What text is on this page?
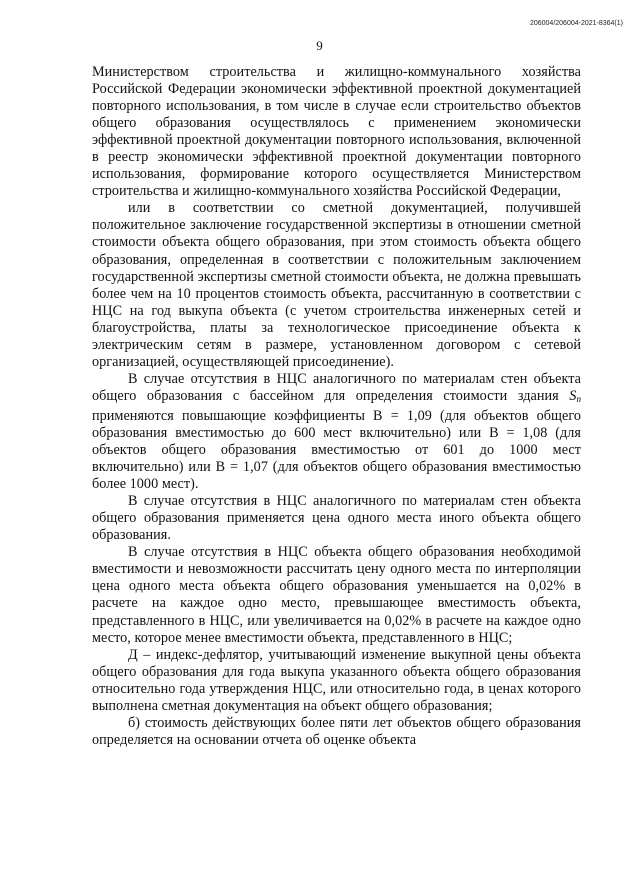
206004/206004-2021-8364(1)
9

Министерством строительства и жилищно-коммунального хозяйства Российской Федерации экономически эффективной проектной документацией повторного использования, в том числе в случае если строительство объектов общего образования осуществлялось с применением экономически эффективной проектной документации повторного использования, включенной в реестр экономически эффективной проектной документации повторного использования, формирование которого осуществляется Министерством строительства и жилищно-коммунального хозяйства Российской Федерации,

или в соответствии со сметной документацией, получившей положительное заключение государственной экспертизы в отношении сметной стоимости объекта общего образования, при этом стоимость объекта общего образования, определенная в соответствии с положительным заключением государственной экспертизы сметной стоимости объекта, не должна превышать более чем на 10 процентов стоимость объекта, рассчитанную в соответствии с НЦС на год выкупа объекта (с учетом строительства инженерных сетей и благоустройства, платы за технологическое присоединение объекта к электрическим сетям в размере, установленном договором с сетевой организацией, осуществляющей присоединение).

В случае отсутствия в НЦС аналогичного по материалам стен объекта общего образования с бассейном для определения стоимости здания $S_n$ применяются повышающие коэффициенты В = 1,09 (для объектов общего образования вместимостью до 600 мест включительно) или В = 1,08 (для объектов общего образования вместимостью от 601 до 1000 мест включительно) или В = 1,07 (для объектов общего образования вместимостью более 1000 мест).

В случае отсутствия в НЦС аналогичного по материалам стен объекта общего образования применяется цена одного места иного объекта общего образования.

В случае отсутствия в НЦС объекта общего образования необходимой вместимости и невозможности рассчитать цену одного места по интерполяции цена одного места объекта общего образования уменьшается на 0,02% в расчете на каждое одно место, превышающее вместимость объекта, представленного в НЦС, или увеличивается на 0,02% в расчете на каждое одно место, которое менее вместимости объекта, представленного в НЦС;

Д – индекс-дефлятор, учитывающий изменение выкупной цены объекта общего образования для года выкупа указанного объекта общего образования относительно года утверждения НЦС, или относительно года, в ценах которого выполнена сметная документация на объект общего образования;

б) стоимость действующих более пяти лет объектов общего образования определяется на основании отчета об оценке объекта
